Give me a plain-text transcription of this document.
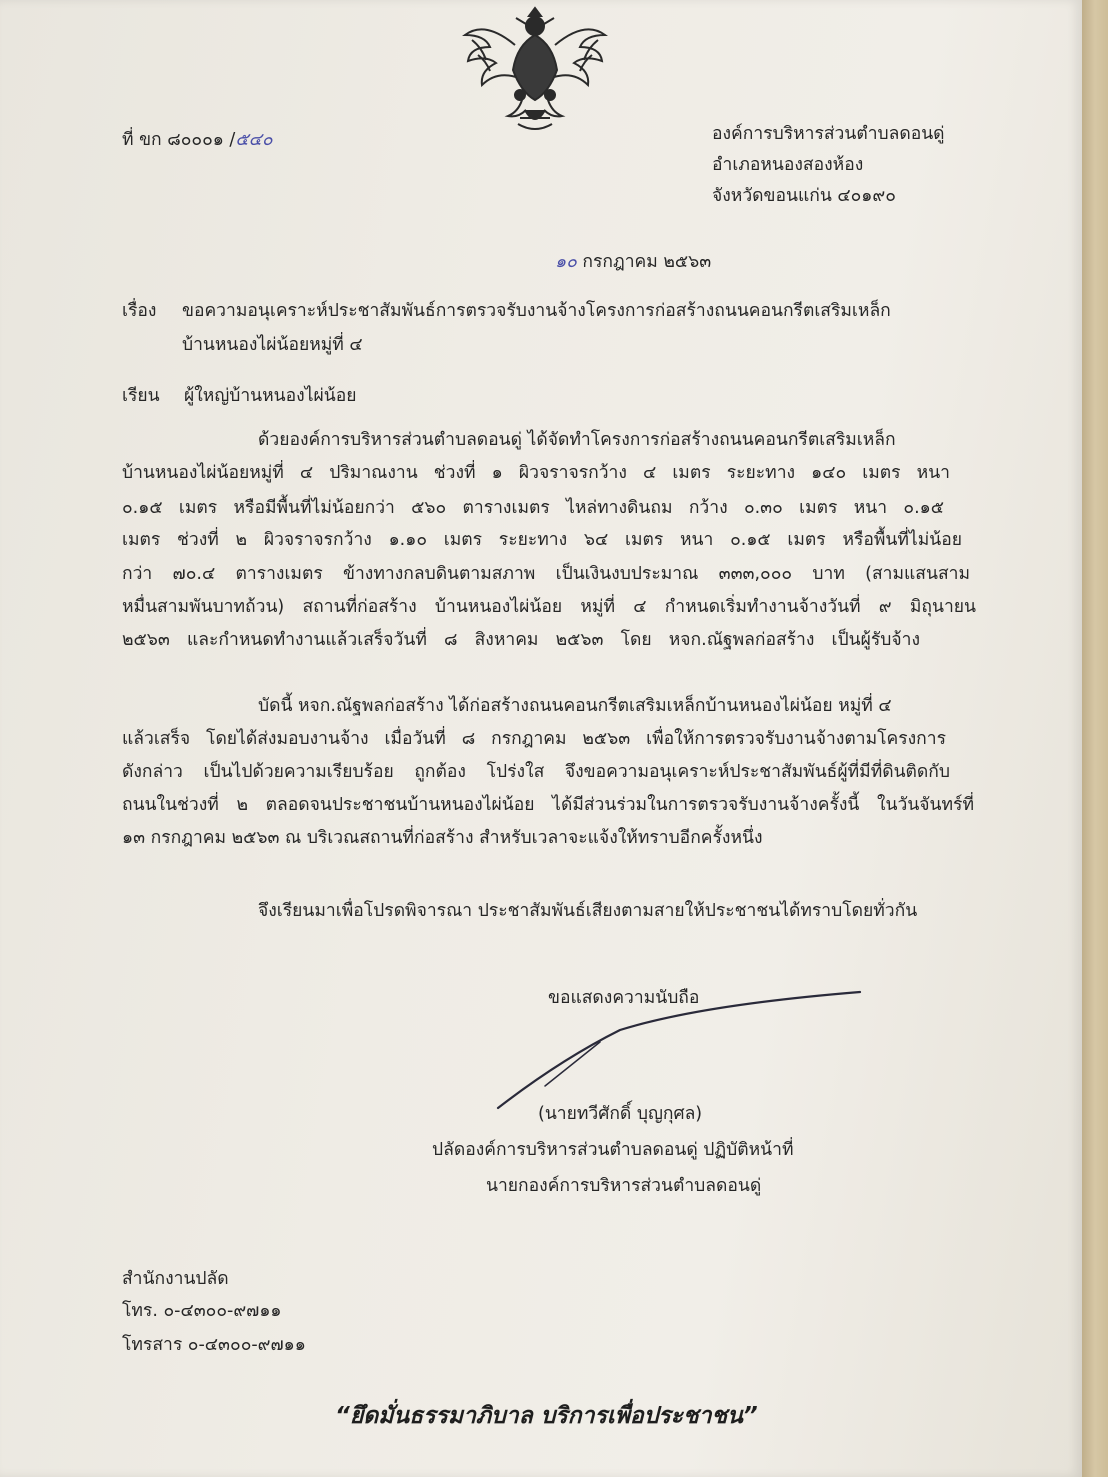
ที่ ขก ๘๐๐๐๑ /๕๔๐	องค์การบริหารส่วนตำบลดอนดู่
อำเภอหนองสองห้อง
จังหวัดขอนแก่น ๔๐๑๙๐
๑๐ กรกฎาคม ๒๕๖๓
เรื่อง ขอความอนุเคราะห์ประชาสัมพันธ์การตรวจรับงานจ้างโครงการก่อสร้างถนนคอนกรีตเสริมเหล็ก
บ้านหนองไผ่น้อยหมู่ที่ ๔
เรียน ผู้ใหญ่บ้านหนองไผ่น้อย
ด้วยองค์การบริหารส่วนตำบลดอนดู่ ได้จัดทำโครงการก่อสร้างถนนคอนกรีตเสริมเหล็ก
บ้านหนองไผ่น้อยหมู่ที่ ๔ ปริมาณงาน ช่วงที่ ๑ ผิวจราจรกว้าง ๔ เมตร ระยะทาง ๑๔๐ เมตร หนา
๐.๑๕ เมตร หรือมีพื้นที่ไม่น้อยกว่า ๕๖๐ ตารางเมตร ไหล่ทางดินถม กว้าง ๐.๓๐ เมตร หนา ๐.๑๕
เมตร ช่วงที่ ๒ ผิวจราจรกว้าง ๑.๑๐ เมตร ระยะทาง ๖๔ เมตร หนา ๐.๑๕ เมตร หรือพื้นที่ไม่น้อย
กว่า ๗๐.๔ ตารางเมตร ข้างทางกลบดินตามสภาพ เป็นเงินงบประมาณ ๓๓๓,๐๐๐ บาท (สามแสนสาม
หมื่นสามพันบาทถ้วน) สถานที่ก่อสร้าง บ้านหนองไผ่น้อย หมู่ที่ ๔ กำหนดเริ่มทำงานจ้างวันที่ ๙ มิถุนายน
๒๕๖๓ และกำหนดทำงานแล้วเสร็จวันที่ ๘ สิงหาคม ๒๕๖๓ โดย หจก.ณัฐพลก่อสร้าง เป็นผู้รับจ้าง
บัดนี้ หจก.ณัฐพลก่อสร้าง ได้ก่อสร้างถนนคอนกรีตเสริมเหล็กบ้านหนองไผ่น้อย หมู่ที่ ๔
แล้วเสร็จ โดยได้ส่งมอบงานจ้าง เมื่อวันที่ ๘ กรกฎาคม ๒๕๖๓ เพื่อให้การตรวจรับงานจ้างตามโครงการ
ดังกล่าว เป็นไปด้วยความเรียบร้อย ถูกต้อง โปร่งใส จึงขอความอนุเคราะห์ประชาสัมพันธ์ผู้ที่มีที่ดินติดกับ
ถนนในช่วงที่ ๒ ตลอดจนประชาชนบ้านหนองไผ่น้อย ได้มีส่วนร่วมในการตรวจรับงานจ้างครั้งนี้ ในวันจันทร์ที่
๑๓ กรกฎาคม ๒๕๖๓ ณ บริเวณสถานที่ก่อสร้าง สำหรับเวลาจะแจ้งให้ทราบอีกครั้งหนึ่ง
จึงเรียนมาเพื่อโปรดพิจารณา ประชาสัมพันธ์เสียงตามสายให้ประชาชนได้ทราบโดยทั่วกัน
ขอแสดงความนับถือ
(นายทวีศักดิ์ บุญกุศล)
ปลัดองค์การบริหารส่วนตำบลดอนดู่ ปฏิบัติหน้าที่
นายกองค์การบริหารส่วนตำบลดอนดู่
สำนักงานปลัด
โทร. ๐-๔๓๐๐-๙๗๑๑
โทรสาร ๐-๔๓๐๐-๙๗๑๑
“ยึดมั่นธรรมาภิบาล บริการเพื่อประชาชน”
